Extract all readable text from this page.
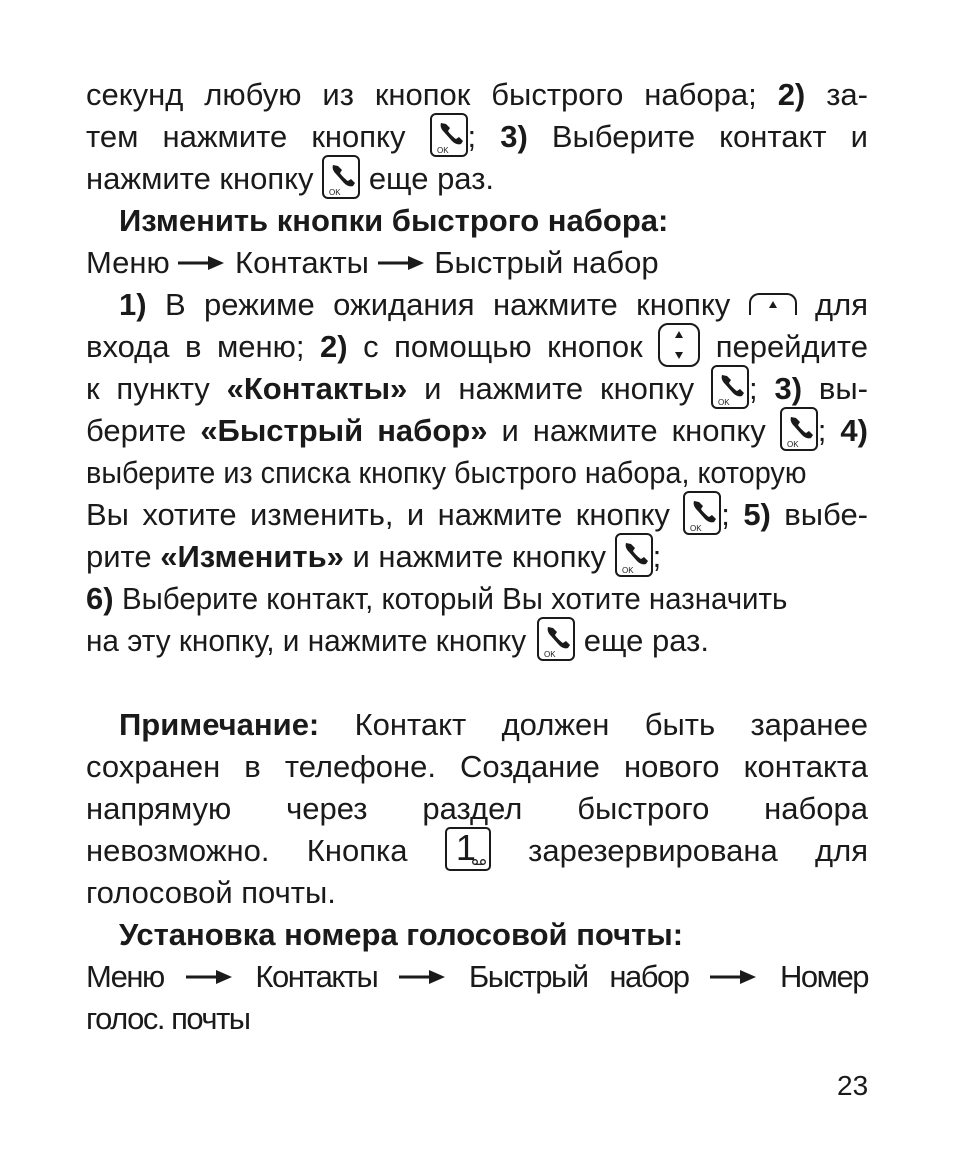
секунд любую из кнопок быстрого набора; 2) за-
тем нажмите кнопку ; 3) Выберите контакт и
нажмите кнопку еще раз.
Изменить кнопки быстрого набора:
Меню Контакты Быстрый набор
1) В режиме ожидания нажмите кнопку	для
входа в меню; 2) с помощью кнопок перейдите
к пункту «Контакты» и нажмите кнопку ; 3) вы-
берите «Быстрый набор» и нажмите кнопку ; 4)
выберите из списка кнопку быстрого набора, которую
Вы хотите изменить, и нажмите кнопку ; 5) выбе-
рите «Изменить» и нажмите кнопку ;
6) Выберите контакт, который Вы хотите назначить
на эту кнопку, и нажмите кнопку еще раз.
Примечание: Контакт должен быть заранее
сохранен в телефоне. Создание нового контакта
напрямую через раздел быстрого набора
невозможно. Кнопка 1 зарезервирована для
голосовой почты.
Установка номера голосовой почты:
Меню	Контакты	Быстрый набор	Номер
голос. почты
23
